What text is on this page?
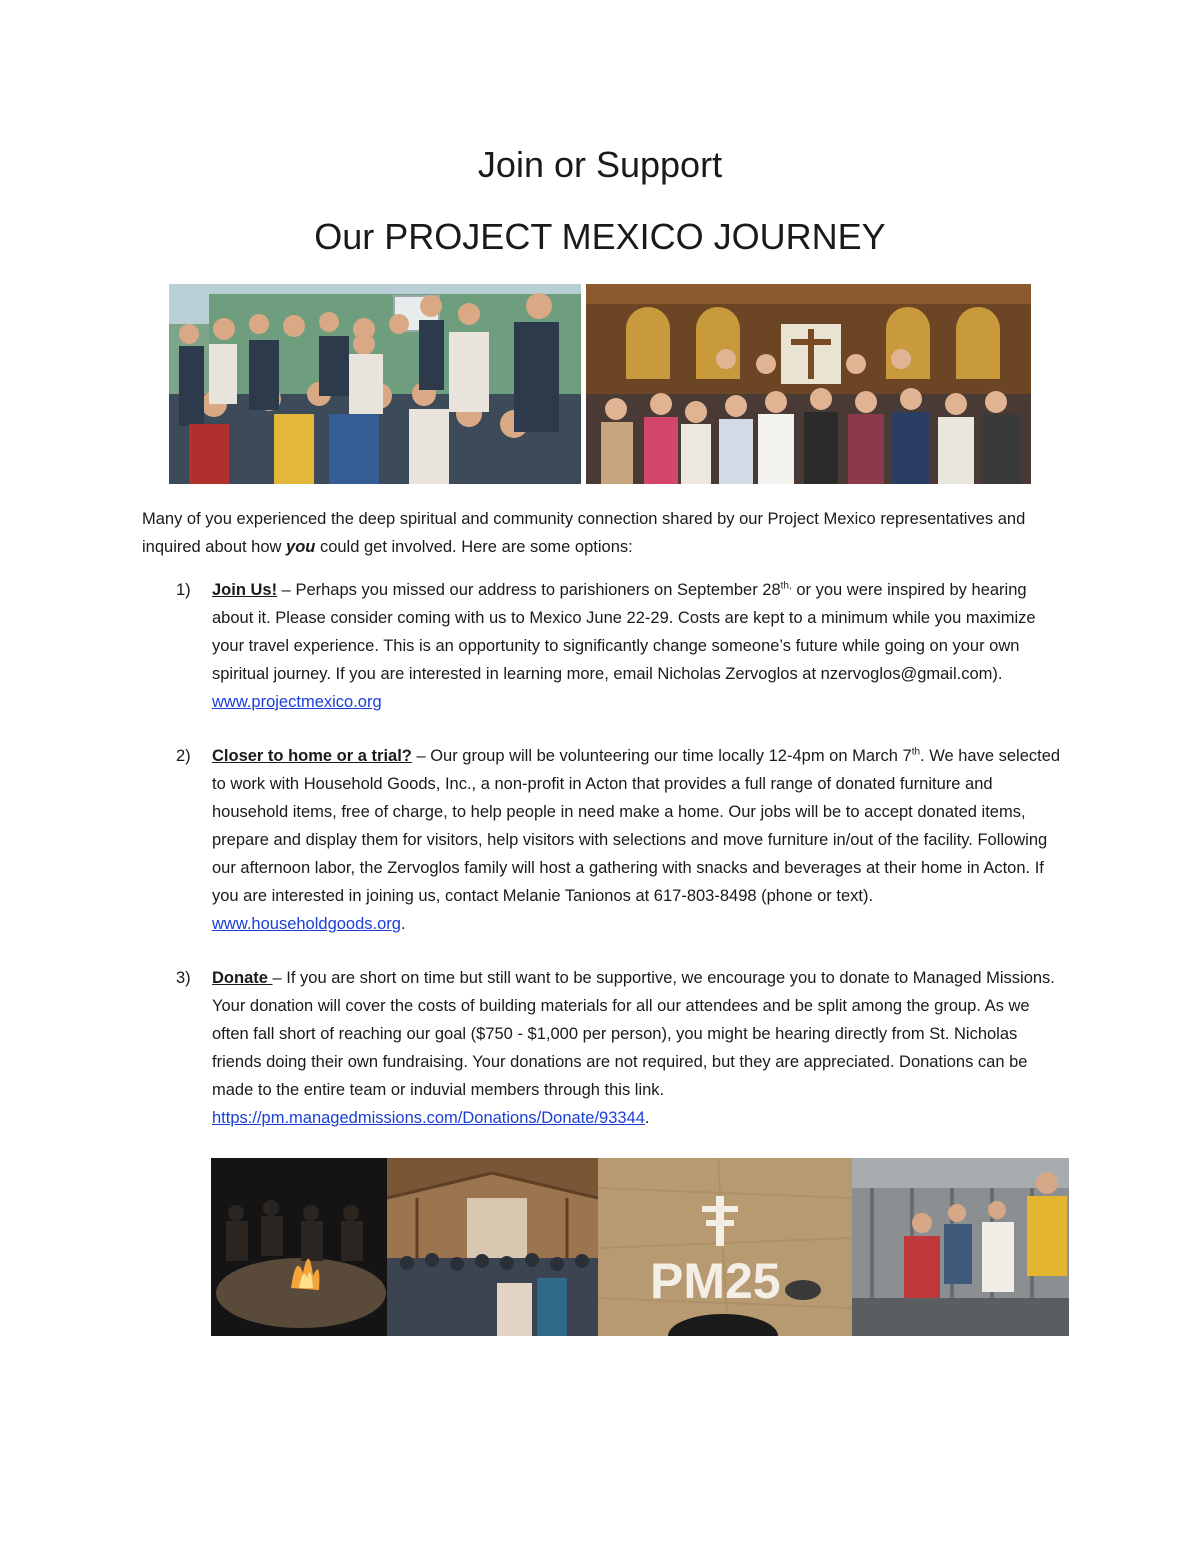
Join or Support
Our PROJECT MEXICO JOURNEY
Many of you experienced the deep spiritual and community connection shared by our Project Mexico representatives and inquired about how you could get involved. Here are some options:
1)	Join Us! – Perhaps you missed our address to parishioners on September $28^{th,}$ or you were inspired by hearing about it. Please consider coming with us to Mexico June 22-29. Costs are kept to a minimum while you maximize your travel experience. This is an opportunity to significantly change someone’s future while going on your own spiritual journey. If you are interested in learning more, email Nicholas Zervoglos at nzervoglos@gmail.com). www.projectmexico.org
2)	Closer to home or a trial? – Our group will be volunteering our time locally 12-4pm on March 7th. We have selected to work with Household Goods, Inc., a non-profit in Acton that provides a full range of donated furniture and household items, free of charge, to help people in need make a home. Our jobs will be to accept donated items, prepare and display them for visitors, help visitors with selections and move furniture in/out of the facility. Following our afternoon labor, the Zervoglos family will host a gathering with snacks and beverages at their home in Acton. If you are interested in joining us, contact Melanie Tanionos at 617-803-8498 (phone or text). www.householdgoods.org.
3)	Donate – If you are short on time but still want to be supportive, we encourage you to donate to Managed Missions. Your donation will cover the costs of building materials for all our attendees and be split among the group. As we often fall short of reaching our goal ($750 - $1,000 per person), you might be hearing directly from St. Nicholas friends doing their own fundraising. Your donations are not required, but they are appreciated. Donations can be made to the entire team or induvial members through this link. https://pm.managedmissions.com/Donations/Donate/93344.
PM25
